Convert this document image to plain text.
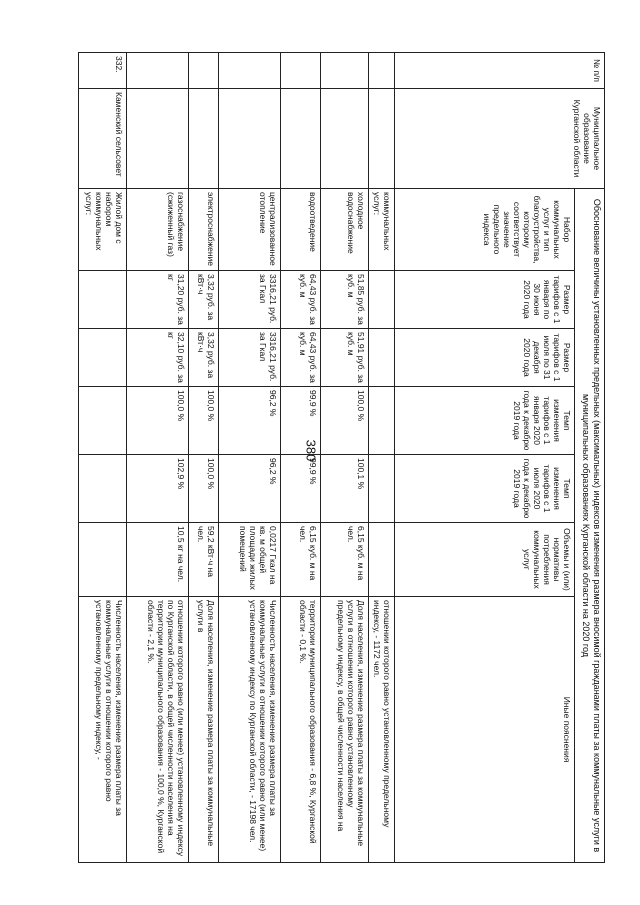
380
№ п/п	Муниципальное образование Курганской области	Обоснование величины установленных предельных (максимальных) индексов изменения размера вносимой гражданами платы за коммунальные услуги в муниципальных образованиях Курганской области на 2020 год						
		Набор коммунальных услуг и тип благоустройства, которому соответствует значение предельного индекса	Размер тарифов с 1 января по 30 июня 2020 года	Размер тарифов с 1 июля по 31 декабря 2020 года	Темп изменения тарифов с 1 января 2020 года к декабрю 2019 года	Темп изменения тарифов с 1 июля 2020 года к декабрю 2019 года	Объемы и (или) нормативы потребления коммунальных услуг	Иные пояснения
		коммунальных услуг:						отношении которого равно установленному предельному индексу, - 1172 чел.
		холодное водоснабжение	51,85 руб. за куб. м	51,91 руб. за куб. м	100,0 %	100,1 %	6,15 куб. м на чел.	Доля населения, изменение размера платы за коммунальные услуги в отношении которого равно установленному предельному индексу, в общей численности населения на
		водоотведение	64,43 руб. за куб. м	64,43 руб. за куб. м	99,9 %	99,9 %	6,15 куб. м на чел.	территории муниципального образования - 6,8 %, Курганской области - 0,1 %.
		централизованное отопление	3316,21 руб. за Гкал	3316,21 руб. за Гкал	96,2 %	96,2 %	0,0217 Гкал на кв. м общей площади жилых помещений	Численность населения, изменение размера платы за коммунальные услуги в отношении которого равно (или менее) установленному индексу по Курганской области, - 17198 чел.
		электроснабжение	3,32 руб. за кВт·ч	3,32 руб. за кВт·ч	100,0 %	100,0 %	59,2 кВт·ч на чел.	Доля населения, изменение размера платы за коммунальные услуги в
		газоснабжение (сжиженный газ)	31,20 руб. за кг	32,10 руб. за кг	100,0 %	102,9 %	10,5 кг на чел.	отношении которого равно (или менее) установленному индексу по Курганской области, в общей численности населения на территории муниципального образования - 100,0 %, Курганской области - 2,1 %.
332.	Каменский сельсовет	Жилой дом с набором коммунальных услуг:						Численность населения, изменение размера платы за коммунальные услуги в отношении которого равно установленному предельному индексу, -
